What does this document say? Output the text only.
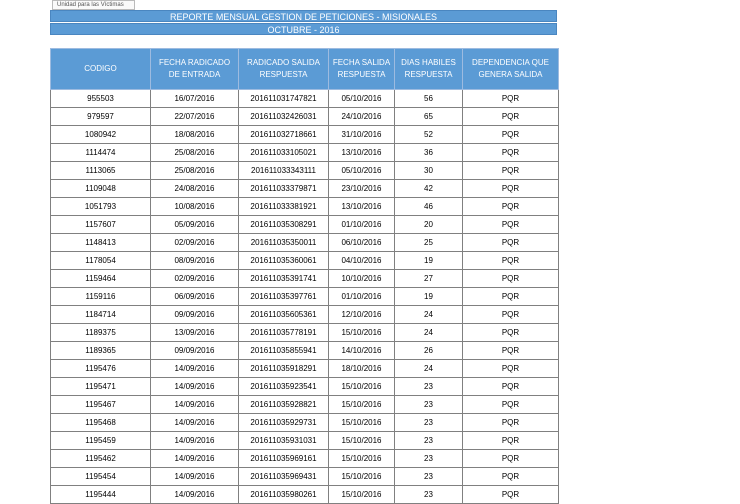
Unidad para las Víctimas
REPORTE MENSUAL GESTION DE PETICIONES - MISIONALES
OCTUBRE - 2016
CODIGO	FECHA RADICADO DE ENTRADA	RADICADO SALIDA RESPUESTA	FECHA SALIDA RESPUESTA	DIAS HABILES RESPUESTA	DEPENDENCIA QUE GENERA SALIDA
955503	16/07/2016	201611031747821	05/10/2016	56	PQR
979597	22/07/2016	201611032426031	24/10/2016	65	PQR
1080942	18/08/2016	201611032718661	31/10/2016	52	PQR
1114474	25/08/2016	201611033105021	13/10/2016	36	PQR
1113065	25/08/2016	201611033343111	05/10/2016	30	PQR
1109048	24/08/2016	201611033379871	23/10/2016	42	PQR
1051793	10/08/2016	201611033381921	13/10/2016	46	PQR
1157607	05/09/2016	201611035308291	01/10/2016	20	PQR
1148413	02/09/2016	201611035350011	06/10/2016	25	PQR
1178054	08/09/2016	201611035360061	04/10/2016	19	PQR
1159464	02/09/2016	201611035391741	10/10/2016	27	PQR
1159116	06/09/2016	201611035397761	01/10/2016	19	PQR
1184714	09/09/2016	201611035605361	12/10/2016	24	PQR
1189375	13/09/2016	201611035778191	15/10/2016	24	PQR
1189365	09/09/2016	201611035855941	14/10/2016	26	PQR
1195476	14/09/2016	201611035918291	18/10/2016	24	PQR
1195471	14/09/2016	201611035923541	15/10/2016	23	PQR
1195467	14/09/2016	201611035928821	15/10/2016	23	PQR
1195468	14/09/2016	201611035929731	15/10/2016	23	PQR
1195459	14/09/2016	201611035931031	15/10/2016	23	PQR
1195462	14/09/2016	201611035969161	15/10/2016	23	PQR
1195454	14/09/2016	201611035969431	15/10/2016	23	PQR
1195444	14/09/2016	201611035980261	15/10/2016	23	PQR
